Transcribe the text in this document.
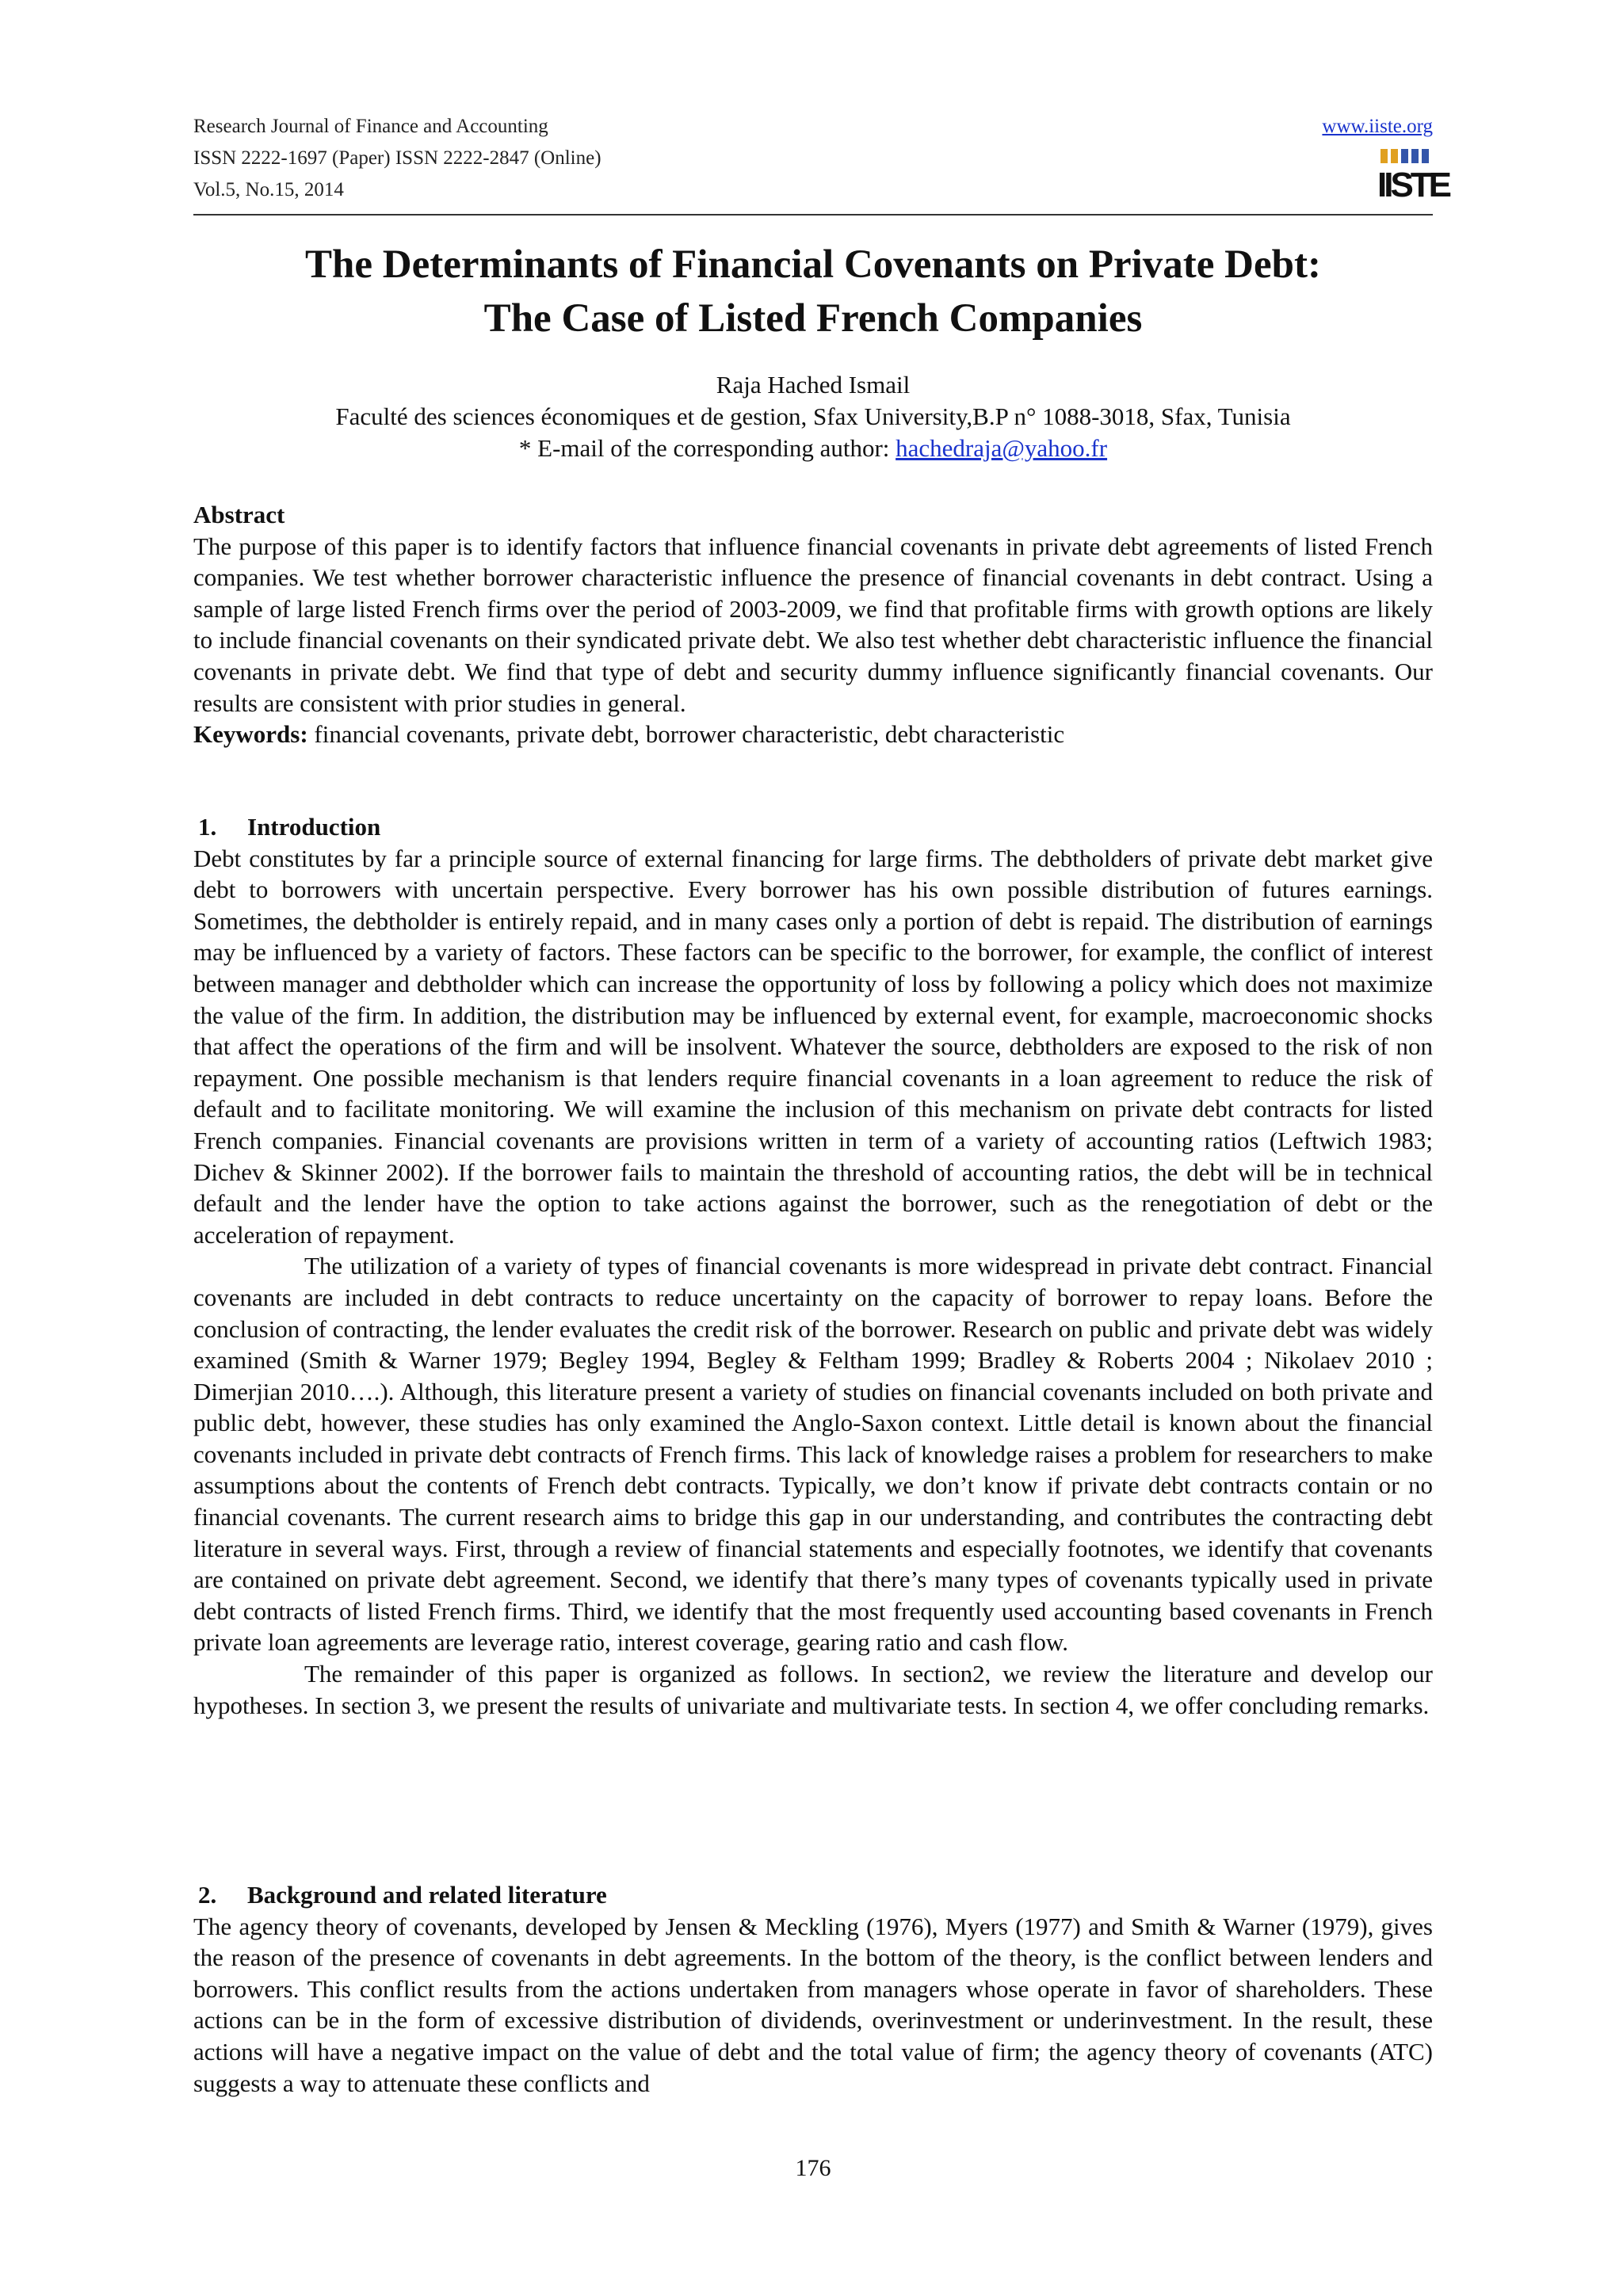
Research Journal of Finance and Accounting
ISSN 2222-1697 (Paper) ISSN 2222-2847 (Online)
Vol.5, No.15, 2014
www.iiste.org
IISTE
The Determinants of Financial Covenants on Private Debt:
The Case of Listed French Companies
Raja Hached Ismail
Faculté des sciences économiques et de gestion, Sfax University,B.P n° 1088-3018, Sfax, Tunisia
* E-mail of the corresponding author: hachedraja@yahoo.fr

Abstract

The purpose of this paper is to identify factors that influence financial covenants in private debt agreements of listed French companies. We test whether borrower characteristic influence the presence of financial covenants in debt contract. Using a sample of large listed French firms over the period of 2003-2009, we find that profitable firms with growth options are likely to include financial covenants on their syndicated private debt. We also test whether debt characteristic influence the financial covenants in private debt. We find that type of debt and security dummy influence significantly financial covenants. Our results are consistent with prior studies in general.

Keywords: financial covenants, private debt, borrower characteristic, debt characteristic

1. Introduction

Debt constitutes by far a principle source of external financing for large firms. The debtholders of private debt market give debt to borrowers with uncertain perspective. Every borrower has his own possible distribution of futures earnings. Sometimes, the debtholder is entirely repaid, and in many cases only a portion of debt is repaid. The distribution of earnings may be influenced by a variety of factors. These factors can be specific to the borrower, for example, the conflict of interest between manager and debtholder which can increase the opportunity of loss by following a policy which does not maximize the value of the firm. In addition, the distribution may be influenced by external event, for example, macroeconomic shocks that affect the operations of the firm and will be insolvent. Whatever the source, debtholders are exposed to the risk of non repayment. One possible mechanism is that lenders require financial covenants in a loan agreement to reduce the risk of default and to facilitate monitoring. We will examine the inclusion of this mechanism on private debt contracts for listed French companies. Financial covenants are provisions written in term of a variety of accounting ratios (Leftwich 1983; Dichev & Skinner 2002). If the borrower fails to maintain the threshold of accounting ratios, the debt will be in technical default and the lender have the option to take actions against the borrower, such as the renegotiation of debt or the acceleration of repayment.

The utilization of a variety of types of financial covenants is more widespread in private debt contract. Financial covenants are included in debt contracts to reduce uncertainty on the capacity of borrower to repay loans. Before the conclusion of contracting, the lender evaluates the credit risk of the borrower. Research on public and private debt was widely examined (Smith & Warner 1979; Begley 1994, Begley & Feltham 1999; Bradley & Roberts 2004 ; Nikolaev 2010 ; Dimerjian 2010….). Although, this literature present a variety of studies on financial covenants included on both private and public debt, however, these studies has only examined the Anglo-Saxon context. Little detail is known about the financial covenants included in private debt contracts of French firms. This lack of knowledge raises a problem for researchers to make assumptions about the contents of French debt contracts. Typically, we don’t know if private debt contracts contain or no financial covenants. The current research aims to bridge this gap in our understanding, and contributes the contracting debt literature in several ways. First, through a review of financial statements and especially footnotes, we identify that covenants are contained on private debt agreement. Second, we identify that there’s many types of covenants typically used in private debt contracts of listed French firms. Third, we identify that the most frequently used accounting based covenants in French private loan agreements are leverage ratio, interest coverage, gearing ratio and cash flow.

The remainder of this paper is organized as follows. In section2, we review the literature and develop our hypotheses. In section 3, we present the results of univariate and multivariate tests. In section 4, we offer concluding remarks.

2. Background and related literature

The agency theory of covenants, developed by Jensen & Meckling (1976), Myers (1977) and Smith & Warner (1979), gives the reason of the presence of covenants in debt agreements. In the bottom of the theory, is the conflict between lenders and borrowers. This conflict results from the actions undertaken from managers whose operate in favor of shareholders. These actions can be in the form of excessive distribution of dividends, overinvestment or underinvestment. In the result, these actions will have a negative impact on the value of debt and the total value of firm; the agency theory of covenants (ATC) suggests a way to attenuate these conflicts and

176
